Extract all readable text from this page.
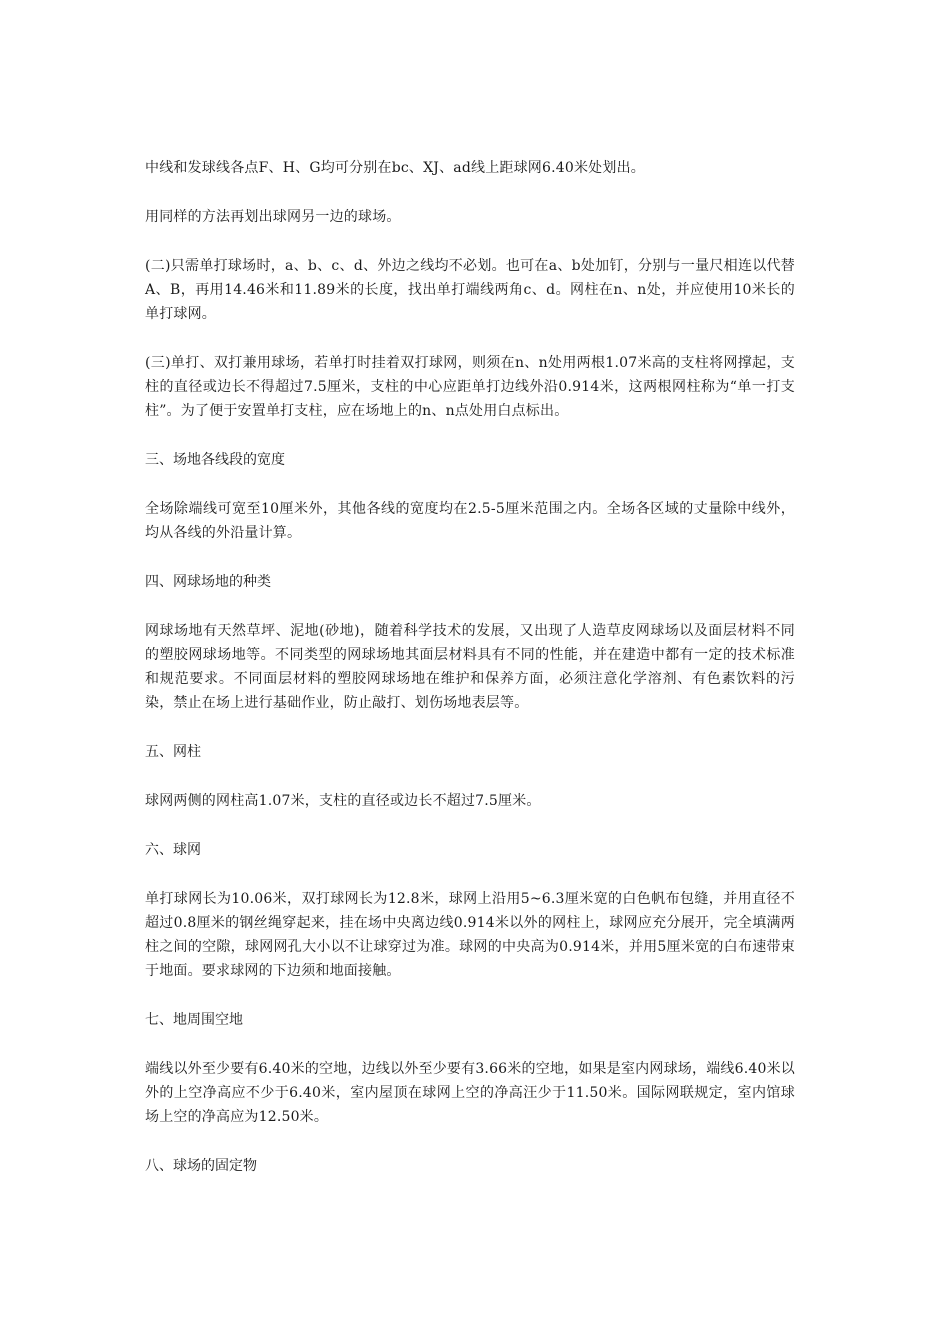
中线和发球线各点F、H、G均可分别在bc、XJ、ad线上距球网6.40米处划出。

用同样的方法再划出球网另一边的球场。

(二)只需单打球场时，a、b、c、d、外边之线均不必划。也可在a、b处加钉，分别与一量尺相连以代替A、B，再用14.46米和11.89米的长度，找出单打端线两角c、d。网柱在n、n处，并应使用10米长的单打球网。

(三)单打、双打兼用球场，若单打时挂着双打球网，则须在n、n处用两根1.07米高的支柱将网撑起，支柱的直径或边长不得超过7.5厘米，支柱的中心应距单打边线外沿0.914米，这两根网柱称为“单一打支柱”。为了便于安置单打支柱，应在场地上的n、n点处用白点标出。

三、场地各线段的宽度

全场除端线可宽至10厘米外，其他各线的宽度均在2.5-5厘米范围之内。全场各区域的丈量除中线外，均从各线的外沿量计算。

四、网球场地的种类

网球场地有天然草坪、泥地(砂地)，随着科学技术的发展，又出现了人造草皮网球场以及面层材料不同的塑胶网球场地等。不同类型的网球场地其面层材料具有不同的性能，并在建造中都有一定的技术标准和规范要求。不同面层材料的塑胶网球场地在维护和保养方面，必须注意化学溶剂、有色素饮料的污染，禁止在场上进行基础作业，防止敲打、划伤场地表层等。

五、网柱

球网两侧的网柱高1.07米，支柱的直径或边长不超过7.5厘米。

六、球网

单打球网长为10.06米，双打球网长为12.8米，球网上沿用5~6.3厘米宽的白色帆布包缝，并用直径不超过0.8厘米的钢丝绳穿起来，挂在场中央离边线0.914米以外的网柱上，球网应充分展开，完全填满两柱之间的空隙，球网网孔大小以不让球穿过为准。球网的中央高为0.914米，并用5厘米宽的白布速带束于地面。要求球网的下边须和地面接触。

七、地周围空地

端线以外至少要有6.40米的空地，边线以外至少要有3.66米的空地，如果是室内网球场，端线6.40米以外的上空净高应不少于6.40米，室内屋顶在球网上空的净高汪少于11.50米。国际网联规定，室内馆球场上空的净高应为12.50米。

八、球场的固定物
